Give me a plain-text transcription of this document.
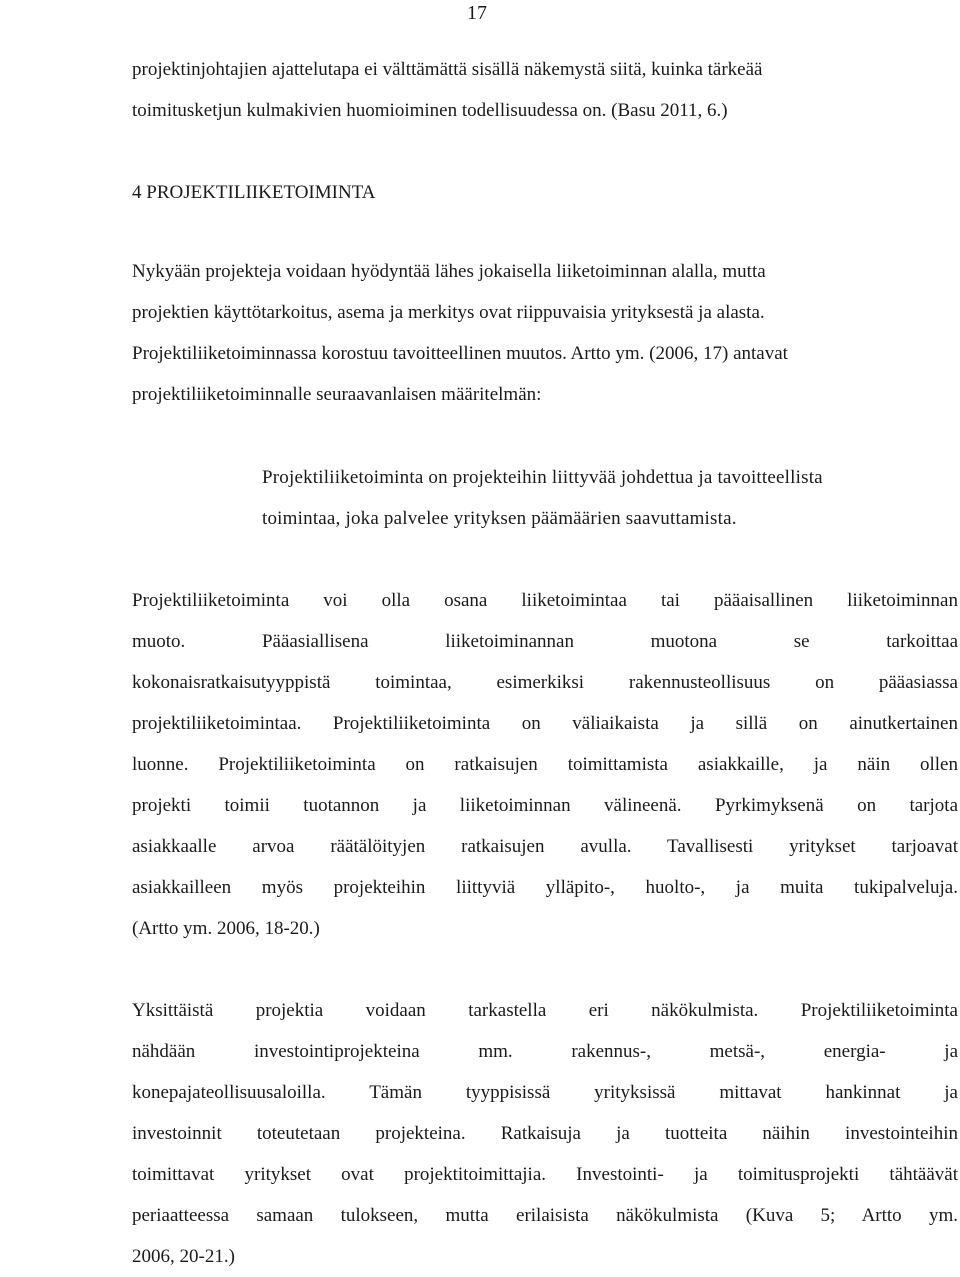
17
projektinjohtajien ajattelutapa ei välttämättä sisällä näkemystä siitä, kuinka tärkeää
toimitusketjun kulmakivien huomioiminen todellisuudessa on. (Basu 2011, 6.)
4 PROJEKTILIIKETOIMINTA
Nykyään projekteja voidaan hyödyntää lähes jokaisella liiketoiminnan alalla, mutta
projektien käyttötarkoitus, asema ja merkitys ovat riippuvaisia yrityksestä ja alasta.
Projektiliiketoiminnassa korostuu tavoitteellinen muutos. Artto ym. (2006, 17) antavat
projektiliiketoiminnalle seuraavanlaisen määritelmän:
Projektiliiketoiminta on projekteihin liittyvää johdettua ja tavoitteellista
toimintaa, joka palvelee yrityksen päämäärien saavuttamista.
Projektiliiketoiminta voi olla osana liiketoimintaa tai pääaisallinen liiketoiminnan
muoto. Pääasiallisena liiketoiminannan muotona se tarkoittaa
kokonaisratkaisutyyppistä toimintaa, esimerkiksi rakennusteollisuus on pääasiassa
projektiliiketoimintaa. Projektiliiketoiminta on väliaikaista ja sillä on ainutkertainen
luonne. Projektiliiketoiminta on ratkaisujen toimittamista asiakkaille, ja näin ollen
projekti toimii tuotannon ja liiketoiminnan välineenä. Pyrkimyksenä on tarjota
asiakkaalle arvoa räätälöityjen ratkaisujen avulla. Tavallisesti yritykset tarjoavat
asiakkailleen myös projekteihin liittyviä ylläpito-, huolto-, ja muita tukipalveluja.
(Artto ym. 2006, 18-20.)
Yksittäistä projektia voidaan tarkastella eri näkökulmista. Projektiliiketoiminta
nähdään investointiprojekteina mm. rakennus-, metsä-, energia- ja
konepajateollisuusaloilla. Tämän tyyppisissä yrityksissä mittavat hankinnat ja
investoinnit toteutetaan projekteina. Ratkaisuja ja tuotteita näihin investointeihin
toimittavat yritykset ovat projektitoimittajia. Investointi- ja toimitusprojekti tähtäävät
periaatteessa samaan tulokseen, mutta erilaisista näkökulmista (Kuva 5; Artto ym.
2006, 20-21.)
